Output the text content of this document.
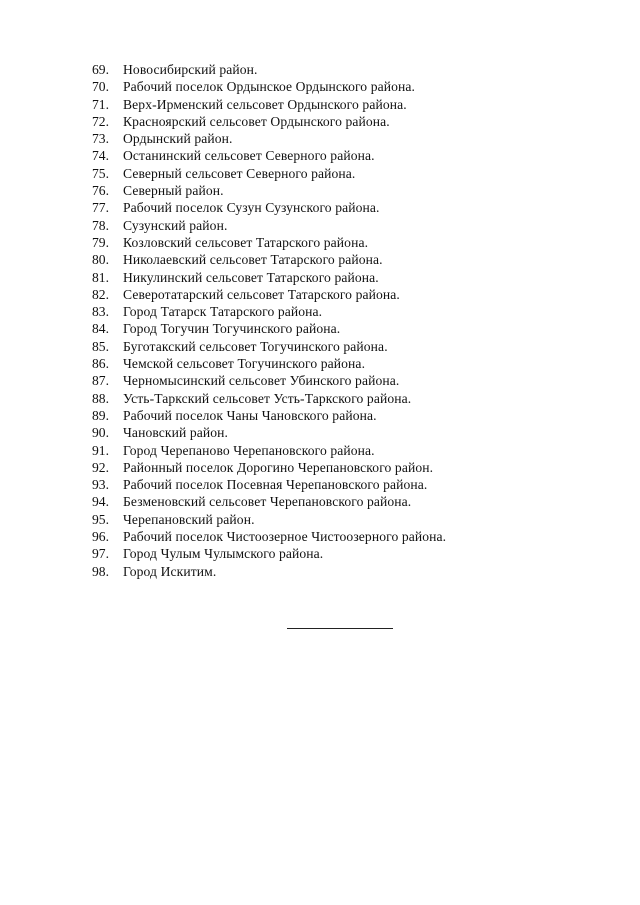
69.	Новосибирский район.
70.	Рабочий поселок Ордынское Ордынского района.
71.	Верх-Ирменский сельсовет Ордынского района.
72.	Красноярский сельсовет Ордынского района.
73.	Ордынский район.
74.	Останинский сельсовет Северного района.
75.	Северный сельсовет Северного района.
76.	Северный район.
77.	Рабочий поселок Сузун Сузунского района.
78.	Сузунский район.
79.	Козловский сельсовет Татарского района.
80.	Николаевский сельсовет Татарского района.
81.	Никулинский сельсовет Татарского района.
82.	Северотатарский сельсовет Татарского района.
83.	Город Татарск Татарского района.
84.	Город Тогучин Тогучинского района.
85.	Буготакский сельсовет Тогучинского района.
86.	Чемской сельсовет Тогучинского района.
87.	Черномысинский сельсовет Убинского района.
88.	Усть-Таркский сельсовет Усть-Таркского района.
89.	Рабочий поселок Чаны Чановского района.
90.	Чановский район.
91.	Город Черепаново Черепановского района.
92.	Районный поселок Дорогино Черепановского район.
93.	Рабочий поселок Посевная Черепановского района.
94.	Безменовский сельсовет Черепановского района.
95.	Черепановский район.
96.	Рабочий поселок Чистоозерное Чистоозерного района.
97.	Город Чулым Чулымского района.
98.	Город Искитим.
